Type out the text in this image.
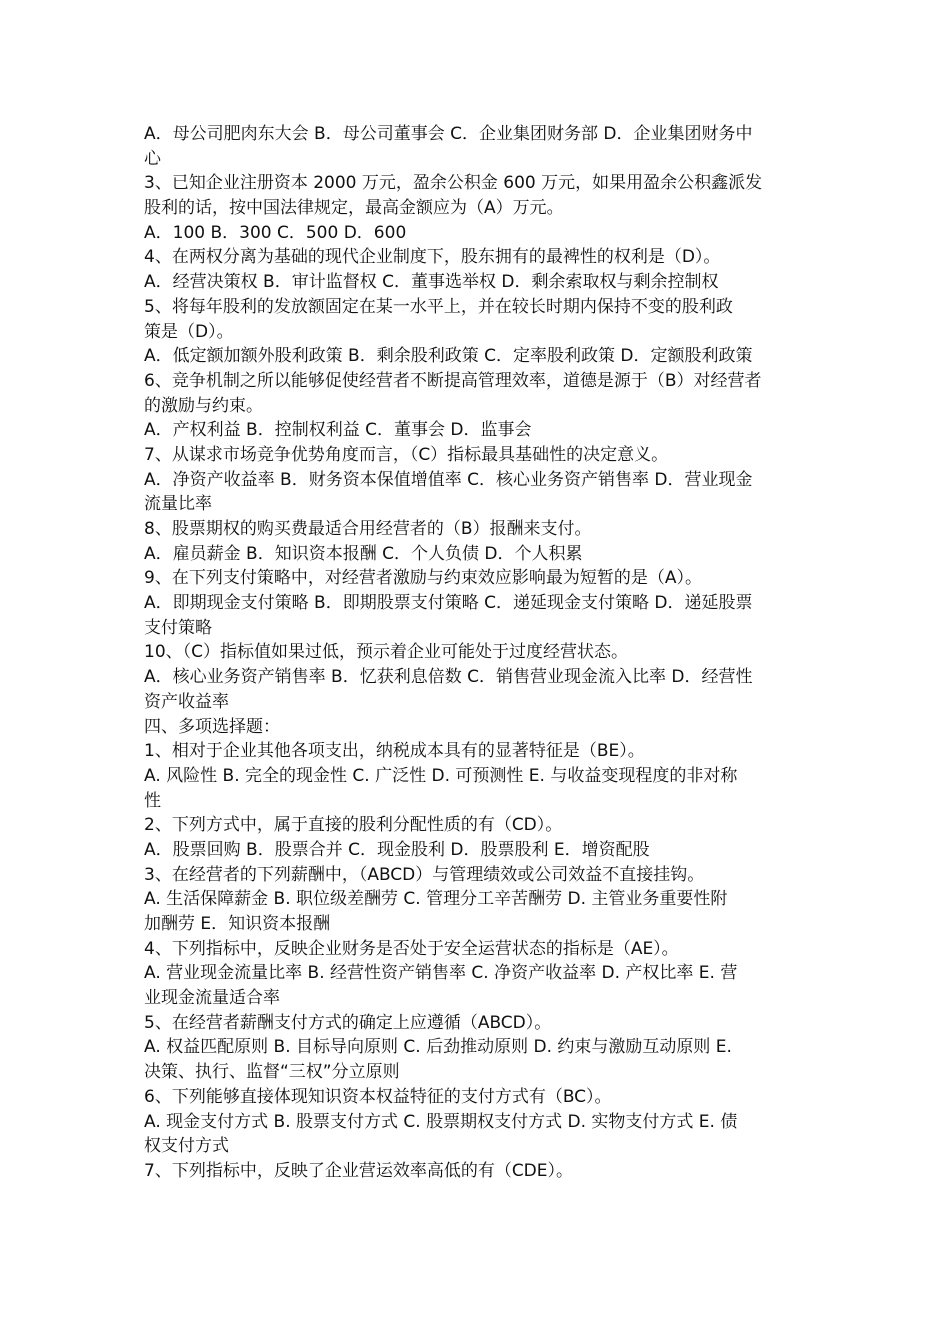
A．母公司肥肉东大会 B．母公司董事会 C．企业集团财务部 D．企业集团财务中
心
3、已知企业注册资本 2000 万元，盈余公积金 600 万元，如果用盈余公积鑫派发
股利的话，按中国法律规定，最高金额应为（A）万元。
A．100 B．300 C．500 D．600
4、在两权分离为基础的现代企业制度下，股东拥有的最裨性的权利是（D）。
A．经营决策权 B．审计监督权 C．董事选举权 D．剩余索取权与剩余控制权
5、将每年股利的发放额固定在某一水平上，并在较长时期内保持不变的股利政
策是（D）。
A．低定额加额外股利政策 B．剩余股利政策 C．定率股利政策 D．定额股利政策
6、竞争机制之所以能够促使经营者不断提高管理效率，道德是源于（B）对经营者
的激励与约束。
A．产权利益 B．控制权利益 C．董事会 D．监事会
7、从谋求市场竞争优势角度而言，（C）指标最具基础性的决定意义。
A．净资产收益率 B．财务资本保值增值率 C．核心业务资产销售率 D．营业现金
流量比率
8、股票期权的购买费最适合用经营者的（B）报酬来支付。
A．雇员薪金 B．知识资本报酬 C．个人负债 D．个人积累
9、在下列支付策略中，对经营者激励与约束效应影响最为短暂的是（A）。
A．即期现金支付策略 B．即期股票支付策略 C．递延现金支付策略 D．递延股票
支付策略
10、（C）指标值如果过低，预示着企业可能处于过度经营状态。
A．核心业务资产销售率 B．忆获利息倍数 C．销售营业现金流入比率 D．经营性
资产收益率
四、多项选择题：
1、相对于企业其他各项支出，纳税成本具有的显著特征是（BE）。
A. 风险性 B. 完全的现金性 C. 广泛性 D. 可预测性 E. 与收益变现程度的非对称
性
2、下列方式中，属于直接的股利分配性质的有（CD）。
A．股票回购 B．股票合并 C．现金股利 D．股票股利 E．增资配股
3、在经营者的下列薪酬中，（ABCD）与管理绩效或公司效益不直接挂钩。
A. 生活保障薪金 B. 职位级差酬劳 C. 管理分工辛苦酬劳 D. 主管业务重要性附
加酬劳 E．知识资本报酬
4、下列指标中，反映企业财务是否处于安全运营状态的指标是（AE）。
A. 营业现金流量比率 B. 经营性资产销售率 C. 净资产收益率 D. 产权比率 E. 营
业现金流量适合率
5、在经营者薪酬支付方式的确定上应遵循（ABCD）。
A. 权益匹配原则 B. 目标导向原则 C. 后劲推动原则 D. 约束与激励互动原则 E.
决策、执行、监督“三权”分立原则
6、下列能够直接体现知识资本权益特征的支付方式有（BC）。
A. 现金支付方式 B. 股票支付方式 C. 股票期权支付方式 D. 实物支付方式 E. 债
权支付方式
7、下列指标中，反映了企业营运效率高低的有（CDE）。
